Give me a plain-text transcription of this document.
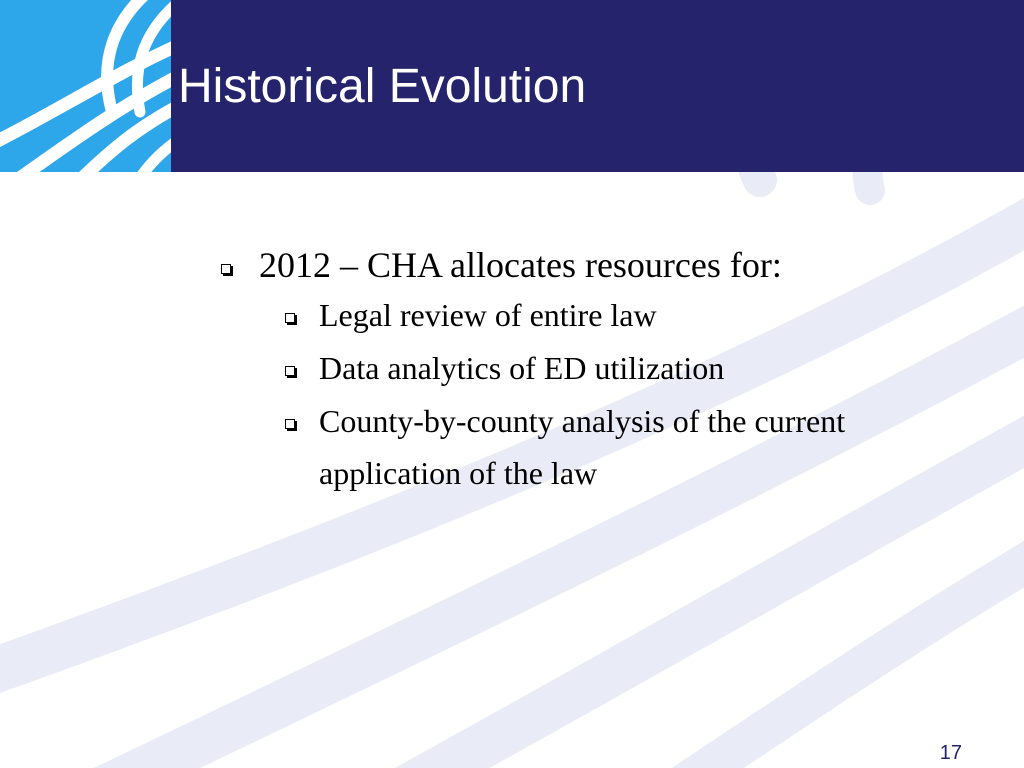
Historical Evolution
2012 – CHA allocates resources for:
Legal review of entire law
Data analytics of ED utilization
County-by-county analysis of the current application of the law
17
